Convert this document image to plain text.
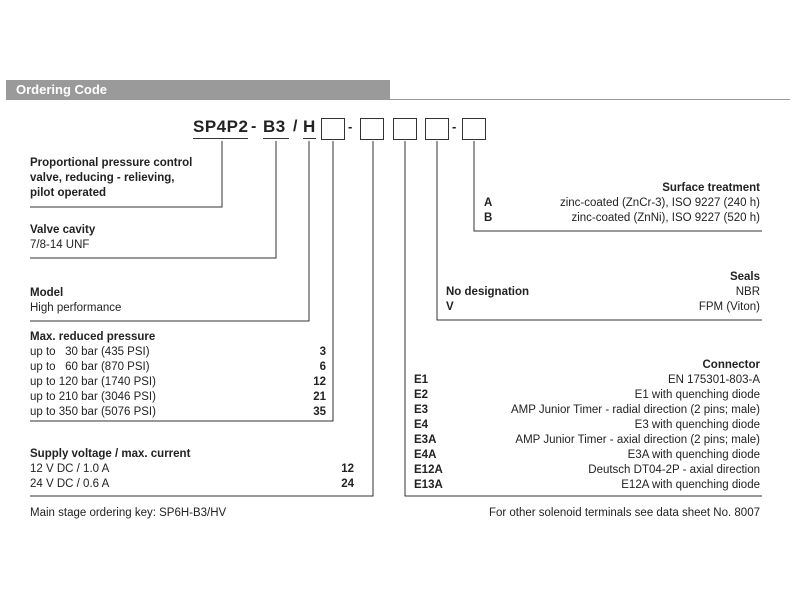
Ordering Code
SP4P2 - B3 / H -	-
Proportional pressure control
valve, reducing - relieving,
pilot operated
Valve cavity
7/8-14 UNF
Model
High performance
Max. reduced pressure
up to   30 bar (435 PSI)	3
up to   60 bar (870 PSI)	6
up to 120 bar (1740 PSI)	12
up to 210 bar (3046 PSI)	21
up to 350 bar (5076 PSI)	35
Supply voltage / max. current
12 V DC / 1.0 A	12
24 V DC / 0.6 A	24
Surface treatment
A	zinc-coated (ZnCr-3), ISO 9227 (240 h)
B	zinc-coated (ZnNi), ISO 9227 (520 h)
Seals
No designation	NBR
V	FPM (Viton)
Connector
E1	EN 175301-803-A
E2	E1 with quenching diode
E3	AMP Junior Timer - radial direction (2 pins; male)
E4	E3 with quenching diode
E3A	AMP Junior Timer - axial direction (2 pins; male)
E4A	E3A with quenching diode
E12A	Deutsch DT04-2P - axial direction
E13A	E12A with quenching diode
Main stage ordering key: SP6H-B3/HV	For other solenoid terminals see data sheet No. 8007
